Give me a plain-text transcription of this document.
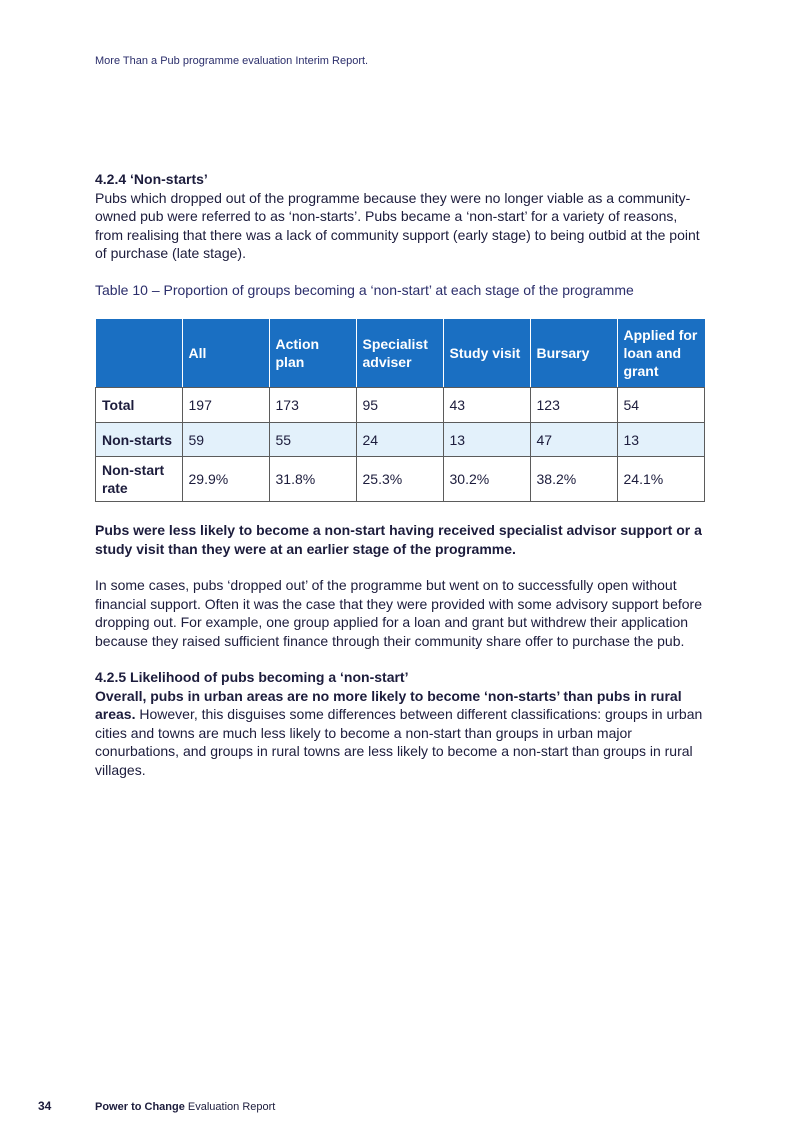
More Than a Pub programme evaluation Interim Report.

4.2.4 ‘Non-starts’

Pubs which dropped out of the programme because they were no longer viable as a community-owned pub were referred to as ‘non-starts’. Pubs became a ‘non-start’ for a variety of reasons, from realising that there was a lack of community support (early stage) to being outbid at the point of purchase (late stage).

Table 10 – Proportion of groups becoming a ‘non-start’ at each stage of the programme

	All	Action plan	Specialist adviser	Study visit	Bursary	Applied for loan and grant
Total	197	173	95	43	123	54
Non-starts	59	55	24	13	47	13
Non-start rate	29.9%	31.8%	25.3%	30.2%	38.2%	24.1%

Pubs were less likely to become a non-start having received specialist advisor support or a study visit than they were at an earlier stage of the programme.

In some cases, pubs ‘dropped out’ of the programme but went on to successfully open without financial support. Often it was the case that they were provided with some advisory support before dropping out. For example, one group applied for a loan and grant but withdrew their application because they raised sufficient finance through their community share offer to purchase the pub.

4.2.5 Likelihood of pubs becoming a ‘non-start’

Overall, pubs in urban areas are no more likely to become ‘non-starts’ than pubs in rural areas. However, this disguises some differences between different classifications: groups in urban cities and towns are much less likely to become a non-start than groups in urban major conurbations, and groups in rural towns are less likely to become a non-start than groups in rural villages.

34	Power to Change Evaluation Report
